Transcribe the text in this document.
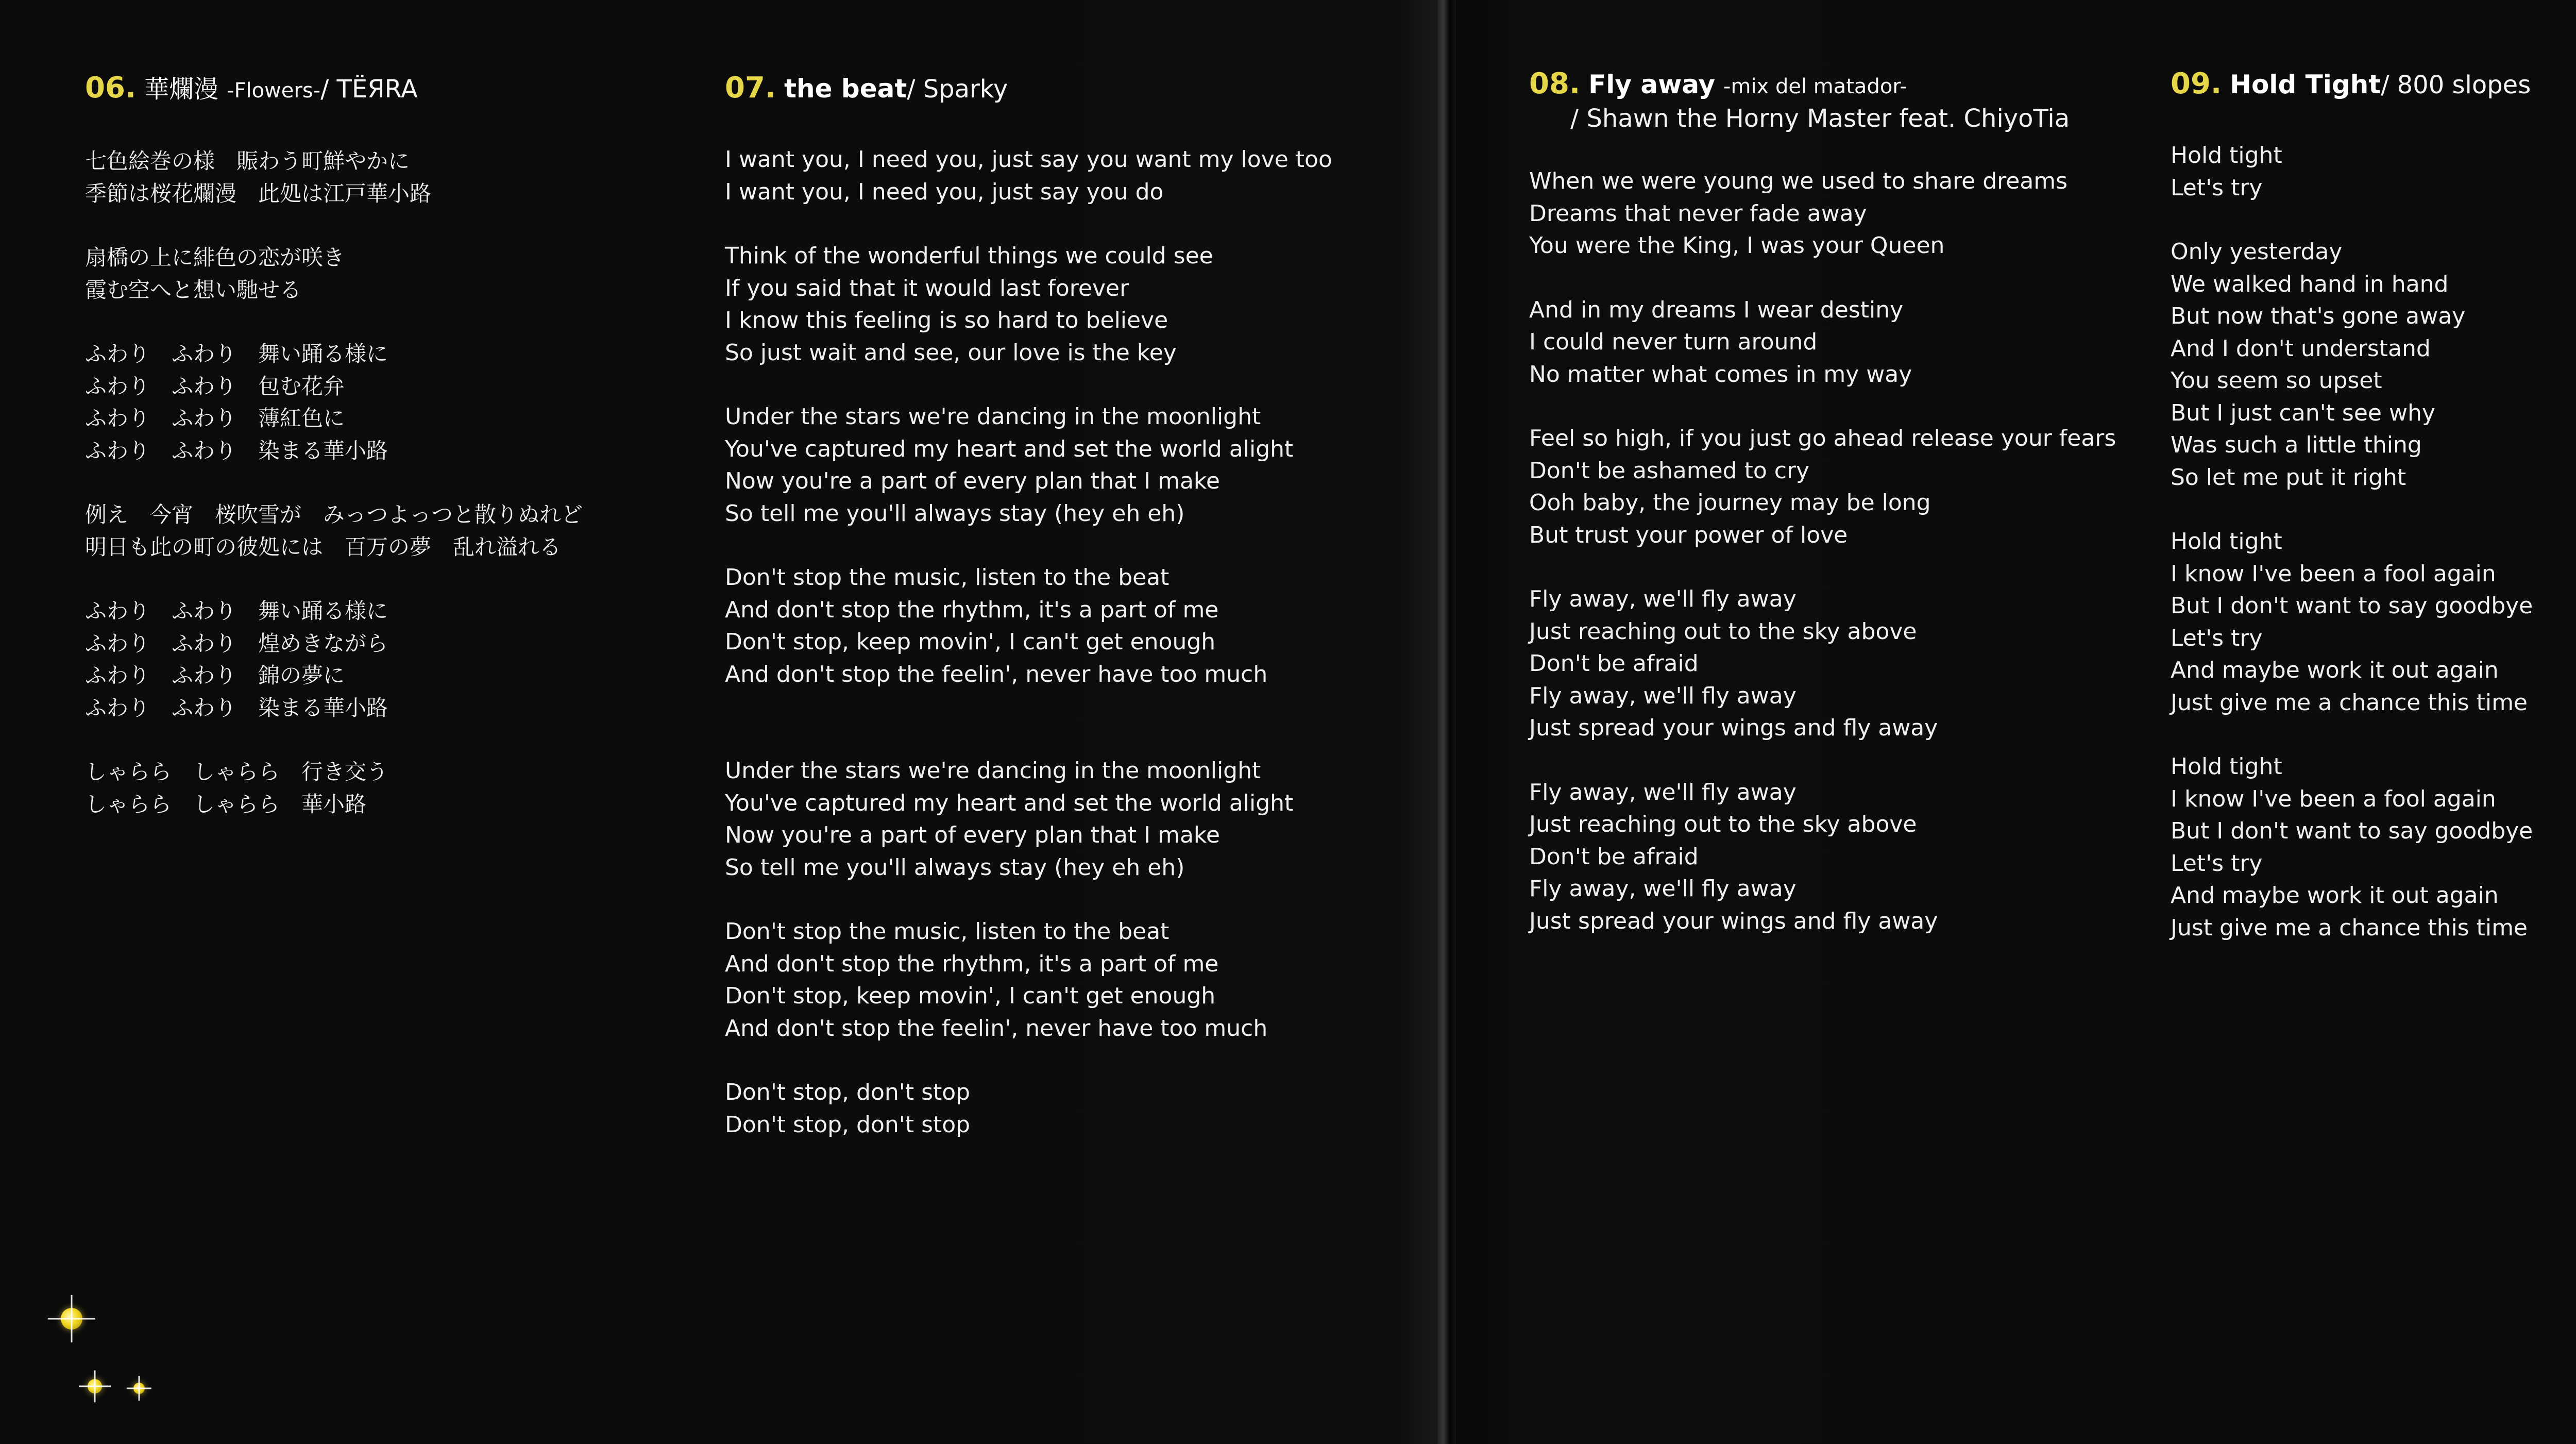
06. 華爛漫 -Flowers-/ TЁЯRA
七色絵巻の様　賑わう町鮮やかに
季節は桜花爛漫　此処は江戸華小路
扇橋の上に緋色の恋が咲き
霞む空へと想い馳せる
ふわり　ふわり　舞い踊る様に
ふわり　ふわり　包む花弁
ふわり　ふわり　薄紅色に
ふわり　ふわり　染まる華小路
例え　今宵　桜吹雪が　みっつよっつと散りぬれど
明日も此の町の彼処には　百万の夢　乱れ溢れる
ふわり　ふわり　舞い踊る様に
ふわり　ふわり　煌めきながら
ふわり　ふわり　錦の夢に
ふわり　ふわり　染まる華小路
しゃらら　しゃらら　行き交う
しゃらら　しゃらら　華小路
07. the beat/ Sparky
I want you, I need you, just say you want my love too
I want you, I need you, just say you do
Think of the wonderful things we could see
If you said that it would last forever
I know this feeling is so hard to believe
So just wait and see, our love is the key
Under the stars we're dancing in the moonlight
You've captured my heart and set the world alight
Now you're a part of every plan that I make
So tell me you'll always stay (hey eh eh)
Don't stop the music, listen to the beat
And don't stop the rhythm, it's a part of me
Don't stop, keep movin', I can't get enough
And don't stop the feelin', never have too much
Under the stars we're dancing in the moonlight
You've captured my heart and set the world alight
Now you're a part of every plan that I make
So tell me you'll always stay (hey eh eh)
Don't stop the music, listen to the beat
And don't stop the rhythm, it's a part of me
Don't stop, keep movin', I can't get enough
And don't stop the feelin', never have too much
Don't stop, don't stop
Don't stop, don't stop
08. Fly away -mix del matador-
/ Shawn the Horny Master feat. ChiyoTia
When we were young we used to share dreams
Dreams that never fade away
You were the King, I was your Queen
And in my dreams I wear destiny
I could never turn around
No matter what comes in my way
Feel so high, if you just go ahead release your fears
Don't be ashamed to cry
Ooh baby, the journey may be long
But trust your power of love
Fly away, we'll fly away
Just reaching out to the sky above
Don't be afraid
Fly away, we'll fly away
Just spread your wings and fly away
Fly away, we'll fly away
Just reaching out to the sky above
Don't be afraid
Fly away, we'll fly away
Just spread your wings and fly away
09. Hold Tight/ 800 slopes
Hold tight
Let's try
Only yesterday
We walked hand in hand
But now that's gone away
And I don't understand
You seem so upset
But I just can't see why
Was such a little thing
So let me put it right
Hold tight
I know I've been a fool again
But I don't want to say goodbye
Let's try
And maybe work it out again
Just give me a chance this time
Hold tight
I know I've been a fool again
But I don't want to say goodbye
Let's try
And maybe work it out again
Just give me a chance this time
